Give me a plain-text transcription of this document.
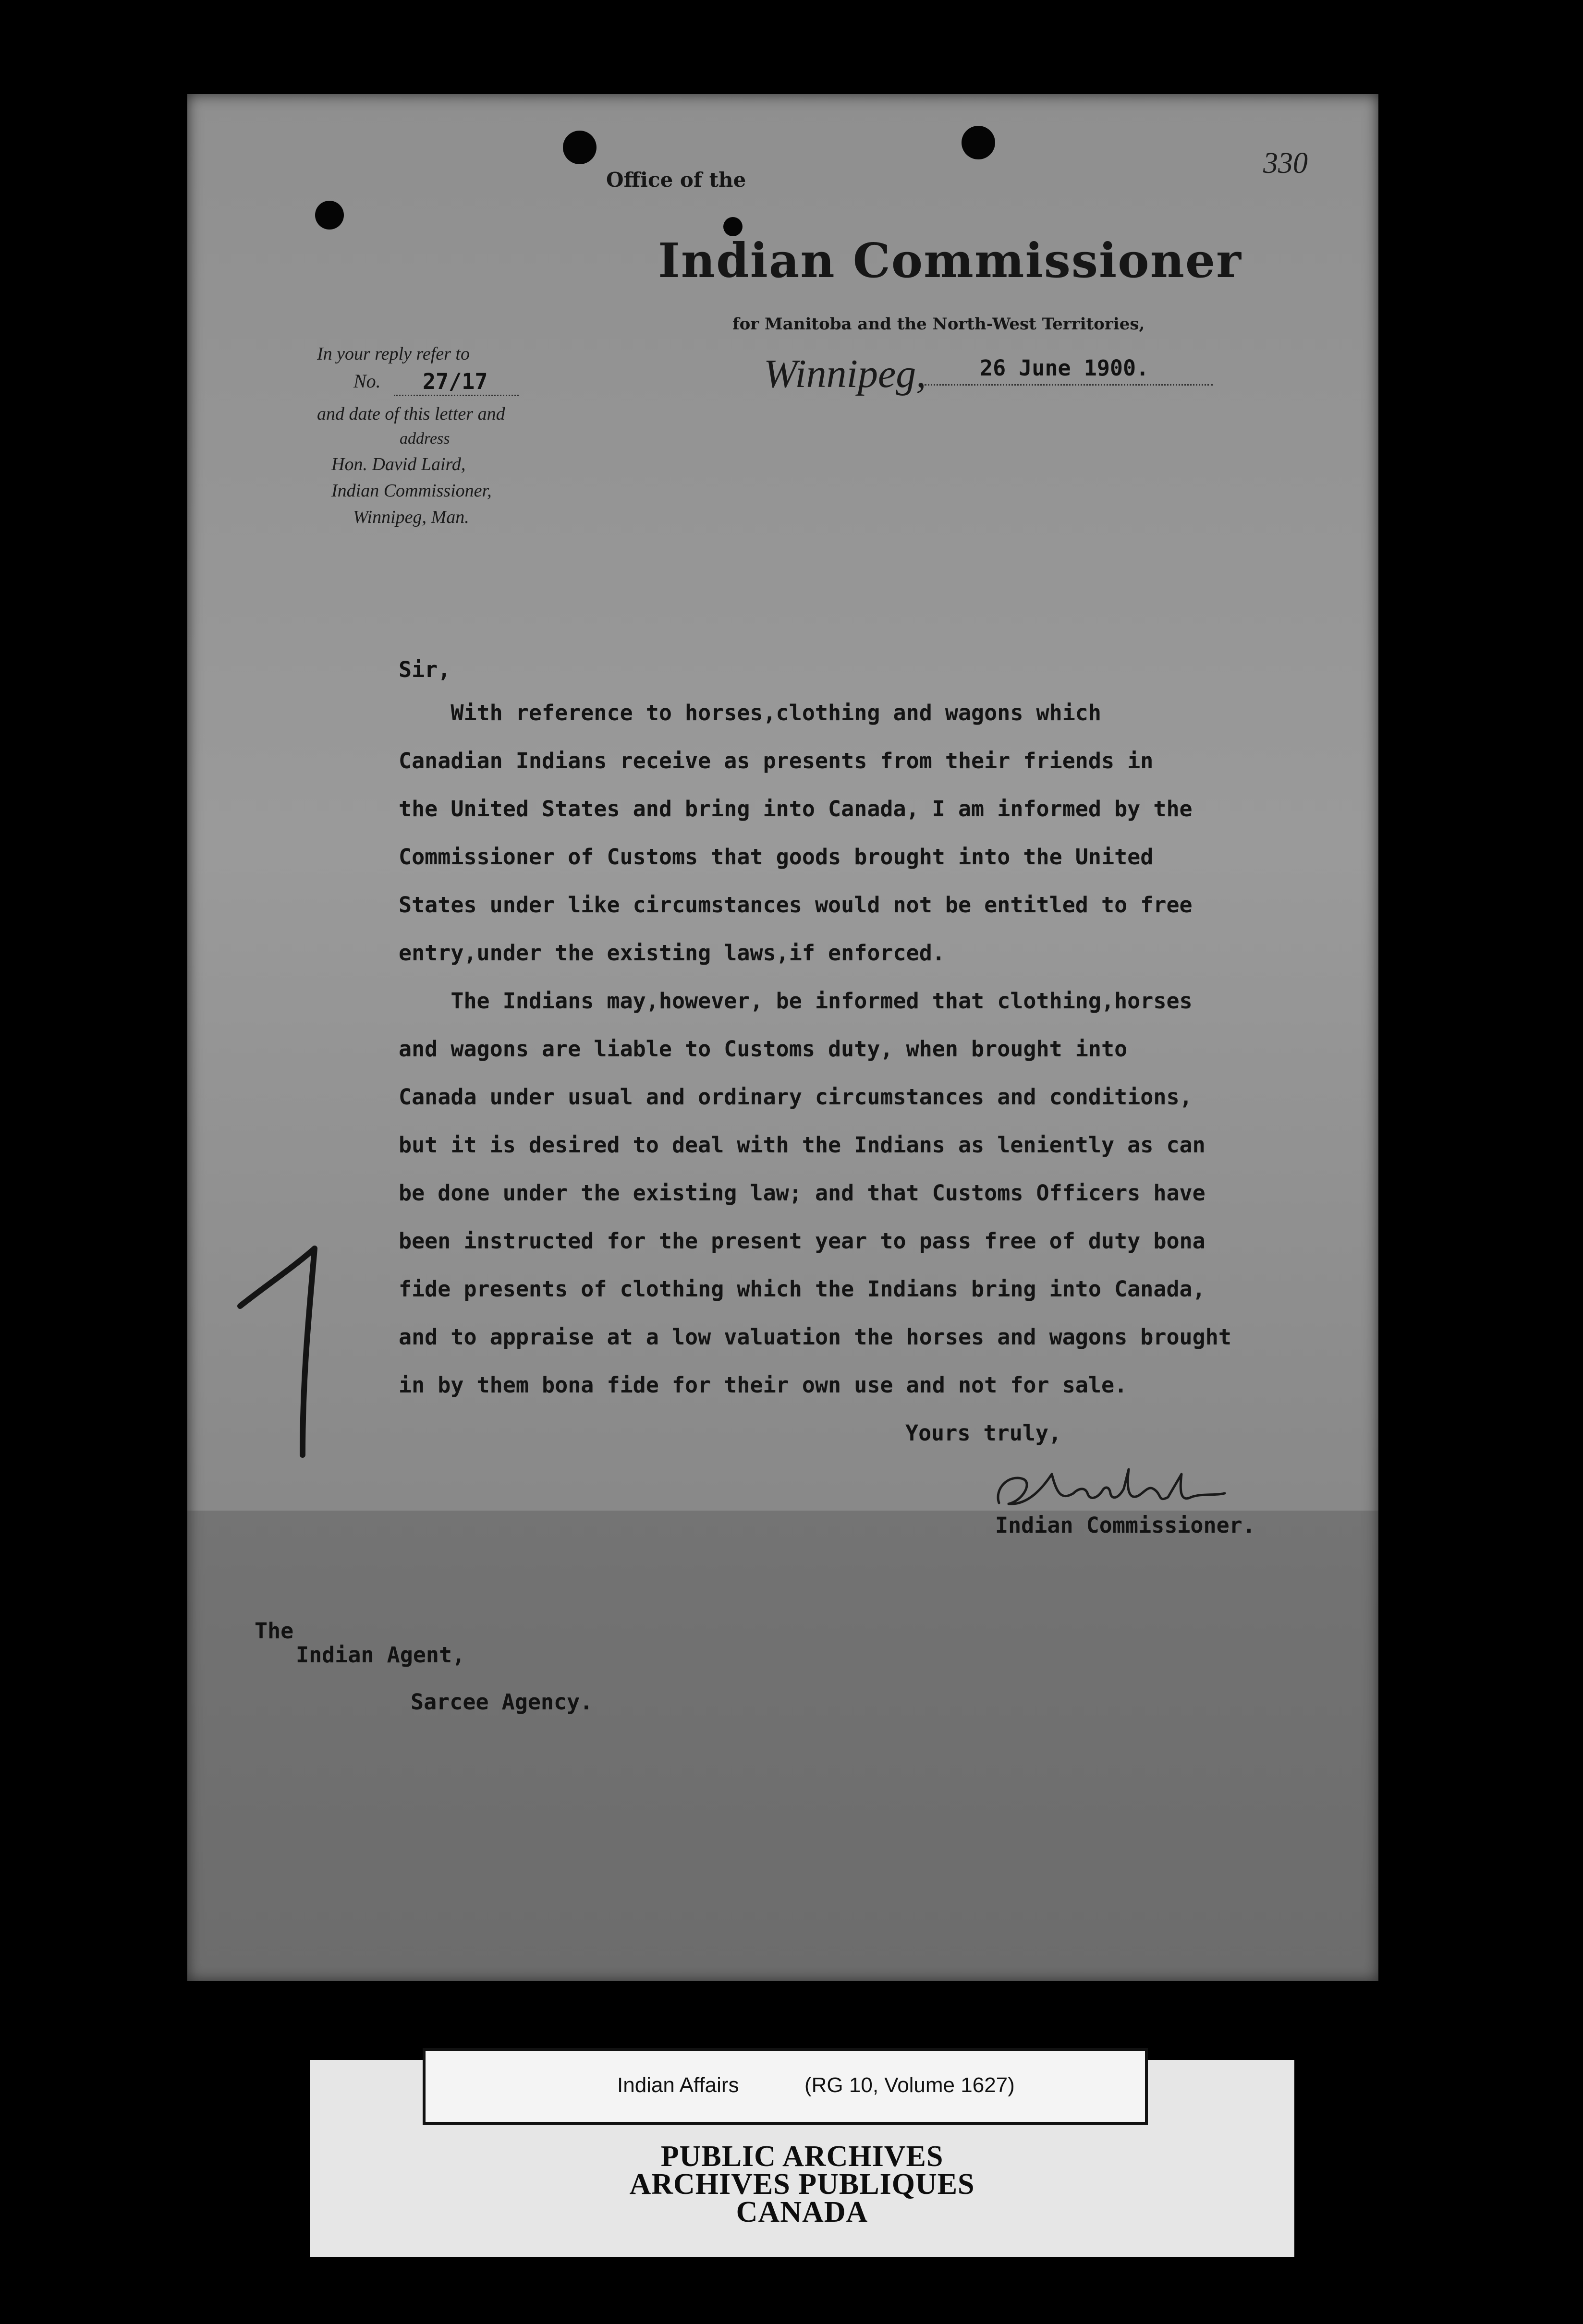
330
Office of the
Indian Commissioner
for Manitoba and the North-West Territories,
Winnipeg, 26 June 1900.
In your reply refer to
No. 27/17
and date of this letter and
address
Hon. David Laird,
Indian Commissioner,
Winnipeg, Man.
Sir,
With reference to horses,clothing and wagons which
Canadian Indians receive as presents from their friends in
the United States and bring into Canada, I am informed by the
Commissioner of Customs that goods brought into the United
States under like circumstances would not be entitled to free
entry,under the existing laws,if enforced.
The Indians may,however, be informed that clothing,horses
and wagons are liable to Customs duty, when brought into
Canada under usual and ordinary circumstances and conditions,
but it is desired to deal with the Indians as leniently as can
be done under the existing law; and that Customs Officers have
been instructed for the present year to pass free of duty bona
fide presents of clothing which the Indians bring into Canada,
and to appraise at a low valuation the horses and wagons brought
in by them bona fide for their own use and not for sale.
Yours truly,
Indian Commissioner.
The
Indian Agent,
Sarcee Agency.
Indian Affairs	(RG 10, Volume 1627)
PUBLIC ARCHIVES
ARCHIVES PUBLIQUES
CANADA
